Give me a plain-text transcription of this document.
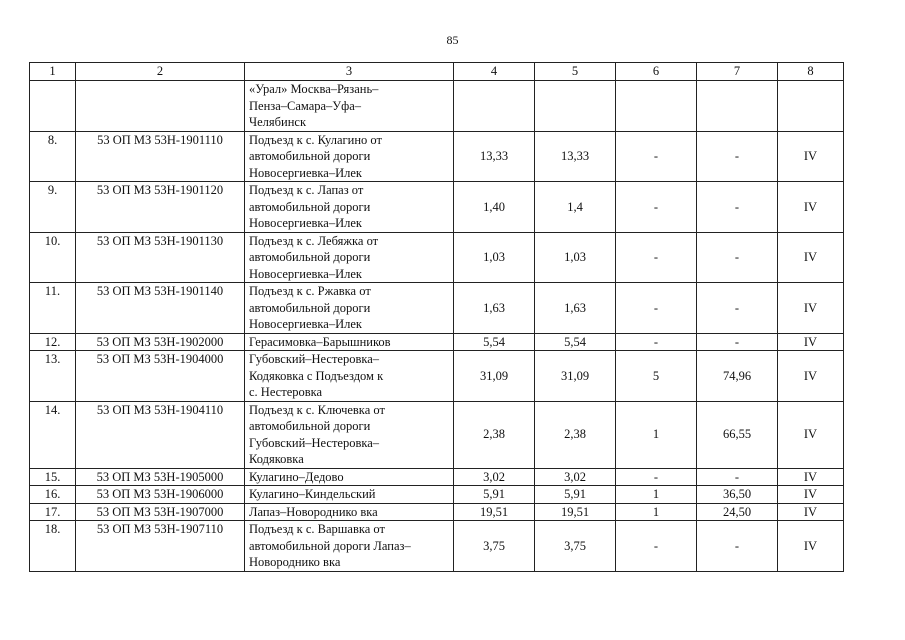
85
1	2	3	4	5	6	7	8

		«Урал» Москва–Рязань–
Пенза–Самара–Уфа–
Челябинск					

8.	53 ОП МЗ 53Н-1901110	Подъезд к с. Кулагино от
автомобильной дороги
Новосергиевка–Илек	13,33	13,33	-	-	IV
9.	53 ОП МЗ 53Н-1901120	Подъезд к с. Лапаз от
автомобильной дороги
Новосергиевка–Илек	1,40	1,4	-	-	IV
10.	53 ОП МЗ 53Н-1901130	Подъезд к с. Лебяжка от
автомобильной дороги
Новосергиевка–Илек	1,03	1,03	-	-	IV
11.	53 ОП МЗ 53Н-1901140	Подъезд к с. Ржавка от
автомобильной дороги
Новосергиевка–Илек	1,63	1,63	-	-	IV
12.	53 ОП МЗ 53Н-1902000	Герасимовка–Барышников	5,54	5,54	-	-	IV
13.	53 ОП МЗ 53Н-1904000	Губовский–Нестеровка–
Кодяковка с Подъездом к
с. Нестеровка	31,09	31,09	5	74,96	IV
14.	53 ОП МЗ 53Н-1904110	Подъезд к с. Ключевка от
автомобильной дороги
Губовский–Нестеровка–
Кодяковка	2,38	2,38	1	66,55	IV
15.	53 ОП МЗ 53Н-1905000	Кулагино–Дедово	3,02	3,02	-	-	IV
16.	53 ОП МЗ 53Н-1906000	Кулагино–Киндельский	5,91	5,91	1	36,50	IV
17.	53 ОП МЗ 53Н-1907000	Лапаз–Новороднико вка	19,51	19,51	1	24,50	IV
18.	53 ОП МЗ 53Н-1907110	Подъезд к с. Варшавка от
автомобильной дороги Лапаз–
Новороднико вка	3,75	3,75	-	-	IV
